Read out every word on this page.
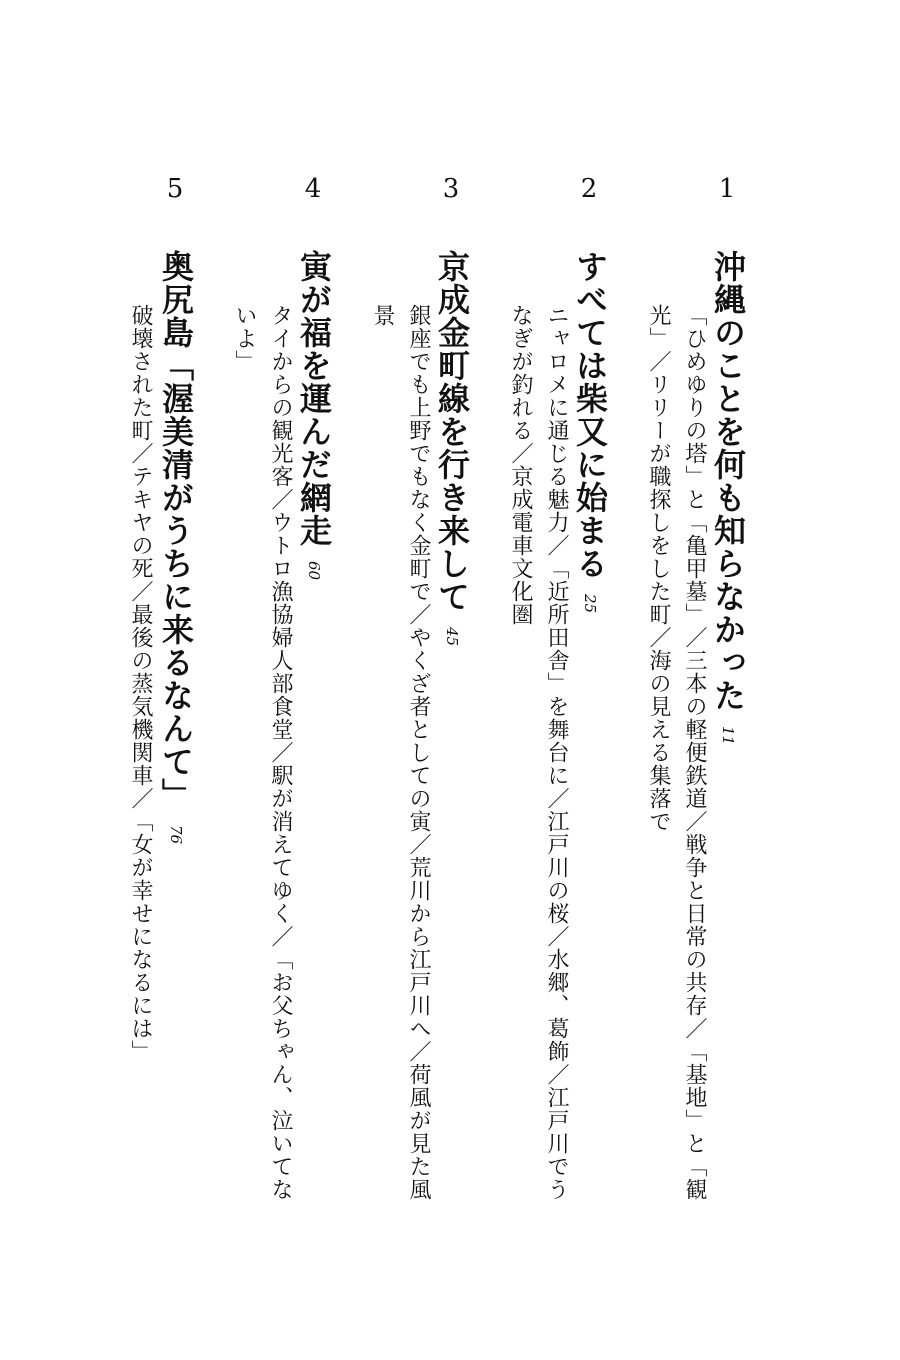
1
沖縄のことを何も知らなかった11
「ひめゆりの塔」と「亀甲墓」／三本の軽便鉄道／戦争と日常の共存／「基地」と「観光」／リリーが職探しをした町／海の見える集落で
2
すべては柴又に始まる25
ニャロメに通じる魅力／「近所田舎」を舞台に／江戸川の桜／水郷、葛飾／江戸川でうなぎが釣れる／京成電車文化圏
3
京成金町線を行き来して45
銀座でも上野でもなく金町で／やくざ者としての寅／荒川から江戸川へ／荷風が見た風景
4
寅が福を運んだ網走60
タイからの観光客／ウトロ漁協婦人部食堂／駅が消えてゆく／「お父ちゃん、泣いてないよ」
5
奥尻島「渥美清がうちに来るなんて」76
破壊された町／テキヤの死／最後の蒸気機関車／「女が幸せになるには」
